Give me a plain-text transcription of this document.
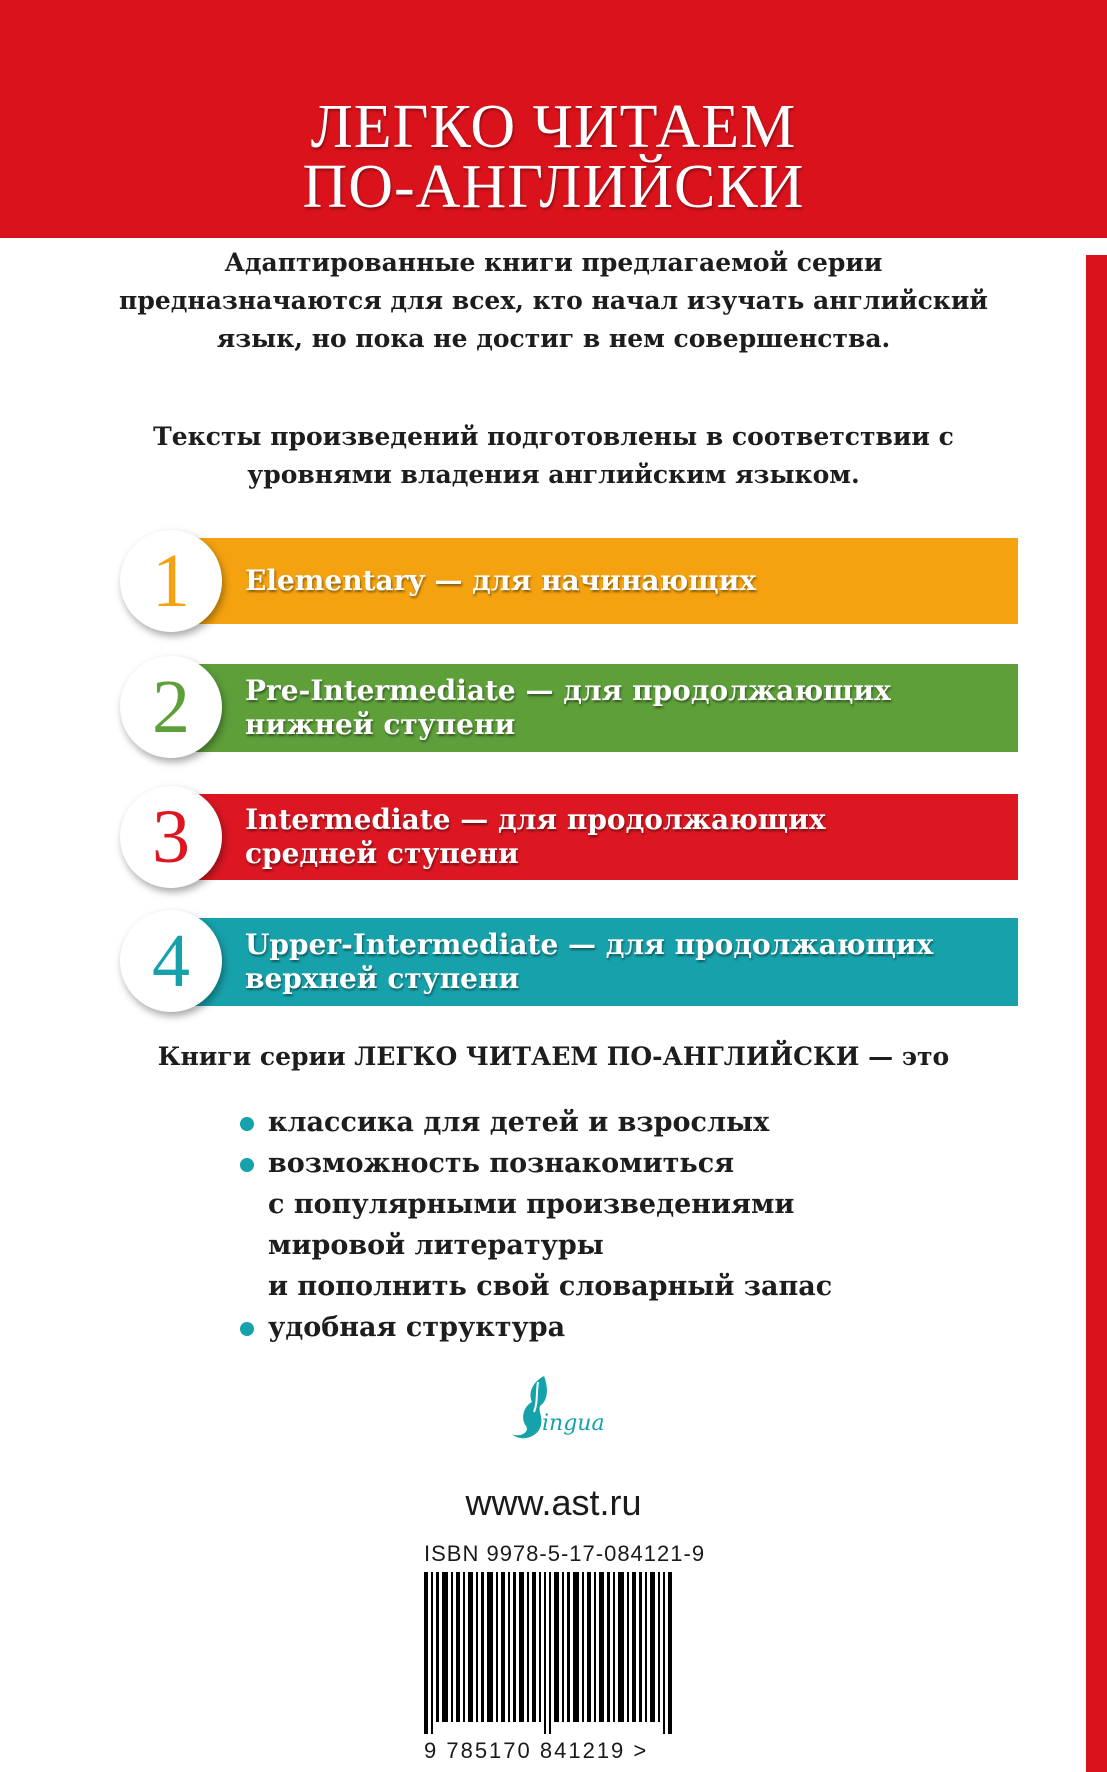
ЛЕГКО ЧИТАЕМ
ПО-АНГЛИЙСКИ
Адаптированные книги предлагаемой серии предназначаются для всех, кто начал изучать английский язык, но пока не достиг в нем совершенства.
Тексты произведений подготовлены в соответствии с уровнями владения английским языком.
Elementary — для начинающих
1
Pre-Intermediate — для продолжающих
нижней ступени
2
Intermediate — для продолжающих
средней ступени
3
Upper-Intermediate — для продолжающих
верхней ступени
4
Книги серии ЛЕГКО ЧИТАЕМ ПО-АНГЛИЙСКИ — это
классика для детей и взрослых
возможность познакомиться
с популярными произведениями
мировой литературы
и пополнить свой словарный запас
удобная структура
ingua
www.ast.ru
ISBN 9978-5-17-084121-9
9 785170 841219 >
